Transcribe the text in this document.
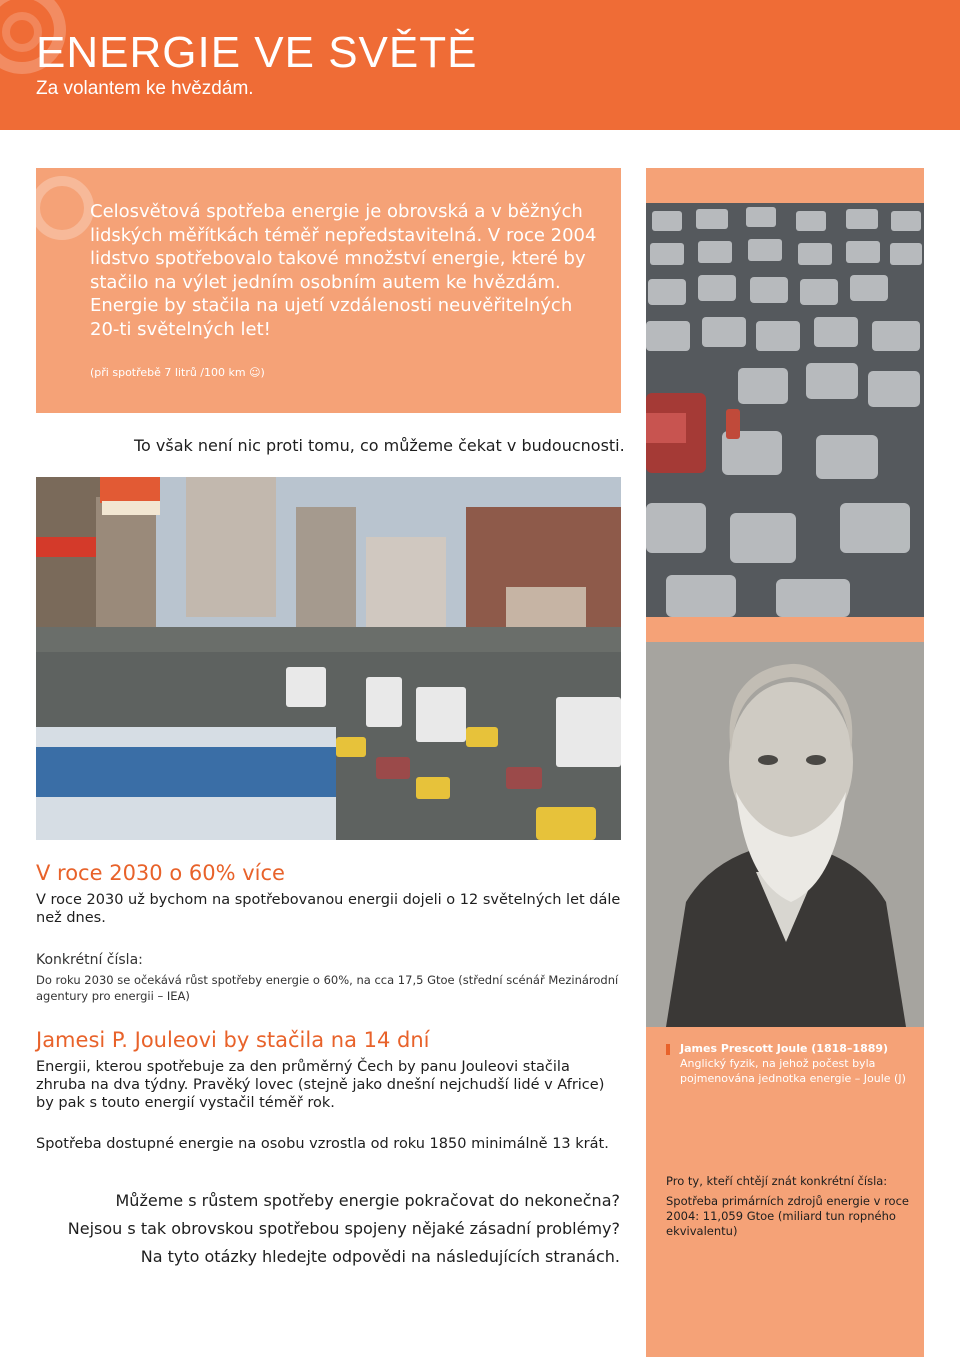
ENERGIE VE SVĚTĚ
Za volantem ke hvězdám.
Celosvětová spotřeba energie je obrovská a v běžných lidských měřítkách téměř nepředstavitelná. V roce 2004 lidstvo spotřebovalo takové množství energie, které by stačilo na výlet jedním osobním autem ke hvězdám. Energie by stačila na ujetí vzdálenosti neuvěřitelných 20-ti světelných let!
(při spotřebě 7 litrů /100 km ☺)
To však není nic proti tomu, co můžeme čekat v budoucnosti.
V roce 2030 o 60% více
V roce 2030 už bychom na spotřebovanou energii dojeli o 12 světelných let dále než dnes.
Konkrétní čísla:
Do roku 2030 se očekává růst spotřeby energie o 60%, na cca 17,5 Gtoe (střední scénář Mezinárodní agentury pro energii – IEA)
Jamesi P. Jouleovi by stačila na 14 dní
Energii, kterou spotřebuje za den průměrný Čech by panu Jouleovi stačila zhruba na dva týdny. Pravěký lovec (stejně jako dnešní nejchudší lidé v Africe) by pak s touto energií vystačil téměř rok.
James Prescott Joule (1818–1889)
Anglický fyzik, na jehož počest byla pojmenována jednotka energie – Joule (J)
Spotřeba dostupné energie na osobu vzrostla od roku 1850 minimálně 13 krát.
Můžeme s růstem spotřeby energie pokračovat do nekonečna?
Nejsou s tak obrovskou spotřebou spojeny nějaké zásadní problémy?
Na tyto otázky hledejte odpovědi na následujících stranách.
Pro ty, kteří chtějí znát konkrétní čísla:
Spotřeba primárních zdrojů energie v roce 2004: 11,059 Gtoe (miliard tun ropného ekvivalentu)
